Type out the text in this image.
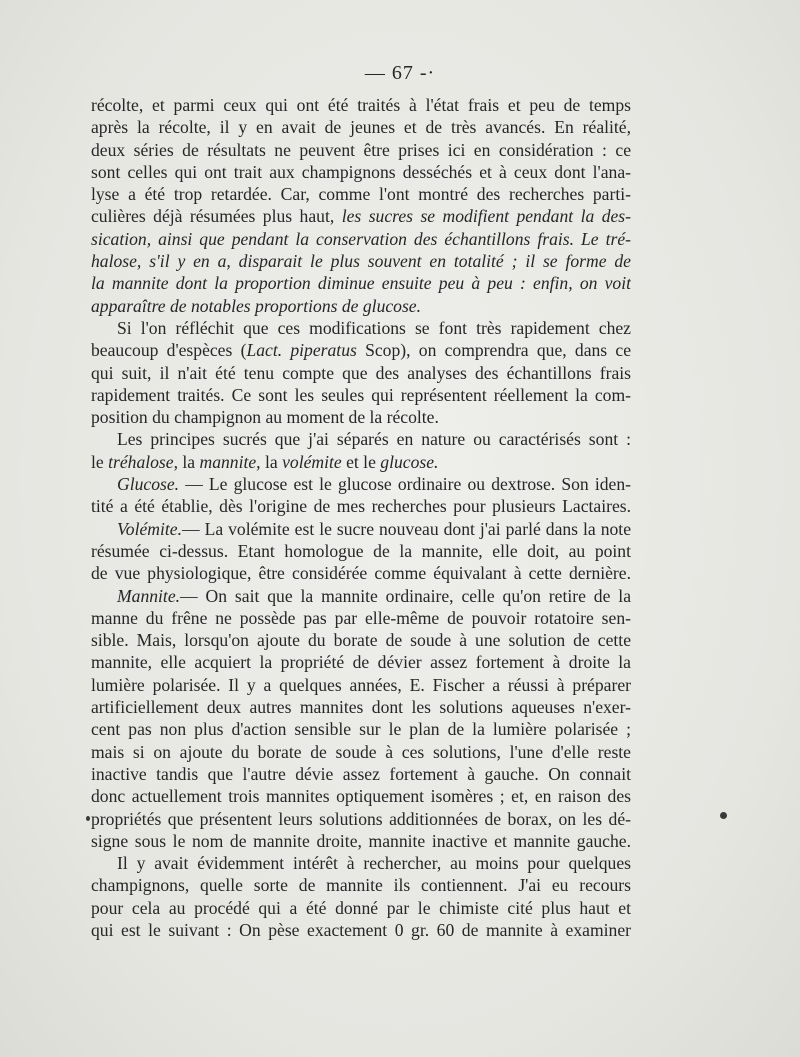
— 67 -·
récolte, et parmi ceux qui ont été traités à l'état frais et peu de temps
après la récolte, il y en avait de jeunes et de très avancés. En réalité,
deux séries de résultats ne peuvent être prises ici en considération : ce
sont celles qui ont trait aux champignons desséchés et à ceux dont l'ana-
lyse a été trop retardée. Car, comme l'ont montré des recherches parti-
culières déjà résumées plus haut, les sucres se modifient pendant la des-
sication, ainsi que pendant la conservation des échantillons frais. Le tré-
halose, s'il y en a, disparait le plus souvent en totalité ; il se forme de
la mannite dont la proportion diminue ensuite peu à peu : enfin, on voit
apparaître de notables proportions de glucose.
Si l'on réfléchit que ces modifications se font très rapidement chez
beaucoup d'espèces (Lact. piperatus Scop), on comprendra que, dans ce
qui suit, il n'ait été tenu compte que des analyses des échantillons frais
rapidement traités. Ce sont les seules qui représentent réellement la com-
position du champignon au moment de la récolte.
Les principes sucrés que j'ai séparés en nature ou caractérisés sont :
le tréhalose, la mannite, la volémite et le glucose.
Glucose. — Le glucose est le glucose ordinaire ou dextrose. Son iden-
tité a été établie, dès l'origine de mes recherches pour plusieurs Lactaires.
Volémite.— La volémite est le sucre nouveau dont j'ai parlé dans la note
résumée ci-dessus. Etant homologue de la mannite, elle doit, au point
de vue physiologique, être considérée comme équivalant à cette dernière.
Mannite.— On sait que la mannite ordinaire, celle qu'on retire de la
manne du frêne ne possède pas par elle-même de pouvoir rotatoire sen-
sible. Mais, lorsqu'on ajoute du borate de soude à une solution de cette
mannite, elle acquiert la propriété de dévier assez fortement à droite la
lumière polarisée. Il y a quelques années, E. Fischer a réussi à préparer
artificiellement deux autres mannites dont les solutions aqueuses n'exer-
cent pas non plus d'action sensible sur le plan de la lumière polarisée ;
mais si on ajoute du borate de soude à ces solutions, l'une d'elle reste
inactive tandis que l'autre dévie assez fortement à gauche. On connait
donc actuellement trois mannites optiquement isomères ; et, en raison des
propriétés que présentent leurs solutions additionnées de borax, on les dé-
signe sous le nom de mannite droite, mannite inactive et mannite gauche.
Il y avait évidemment intérêt à rechercher, au moins pour quelques
champignons, quelle sorte de mannite ils contiennent. J'ai eu recours
pour cela au procédé qui a été donné par le chimiste cité plus haut et
qui est le suivant : On pèse exactement 0 gr. 60 de mannite à examiner
